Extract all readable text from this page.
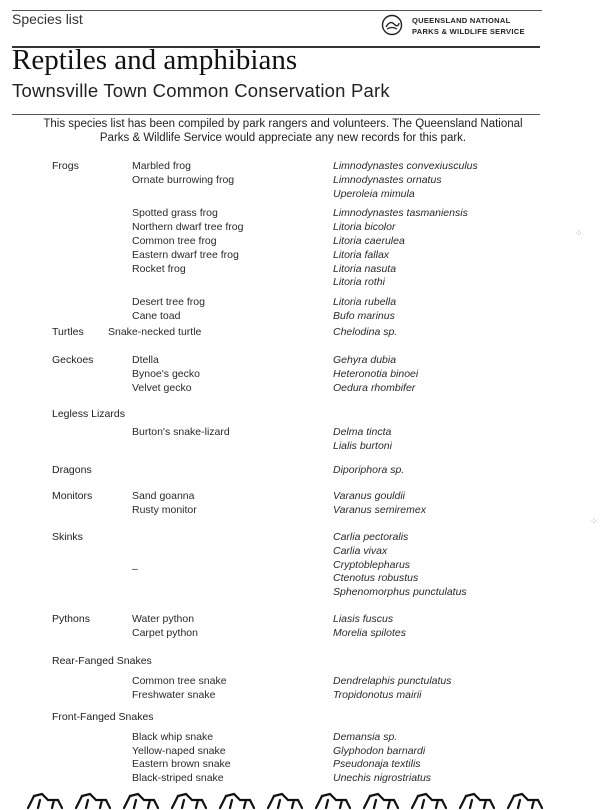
Species list	QUEENSLAND NATIONAL
PARKS & WILDLIFE SERVICE
Reptiles and amphibians
Townsville Town Common Conservation Park
This species list has been compiled by park rangers and volunteers. The Queensland National Parks & Wildlife Service would appreciate any new records for this park.
Frogs	Marbled frog	Limnodynastes convexiusculus
Ornate burrowing frog	Limnodynastes ornatus
Uperoleia mimula
Spotted grass frog	Limnodynastes tasmaniensis
Northern dwarf tree frog	Litoria bicolor
Common tree frog	Litoria caerulea
Eastern dwarf tree frog	Litoria fallax
Rocket frog	Litoria nasuta
Litoria rothi
Desert tree frog	Litoria rubella
Cane toad	Bufo marinus
Turtles Snake-necked turtle	Chelodina sp.
Geckoes	Dtella	Gehyra dubia
Bynoe's gecko	Heteronotia binoei
Velvet gecko	Oedura rhombifer
Legless Lizards
Burton's snake-lizard	Delma tincta
Lialis burtoni
Dragons	Diporiphora sp.
Monitors	Sand goanna	Varanus gouldii
Rusty monitor	Varanus semiremex
Skinks	Carlia pectoralis
Carlia vivax
–	Cryptoblepharus
Ctenotus robustus
Sphenomorphus punctulatus
Pythons	Water python	Liasis fuscus
Carpet python	Morelia spilotes
Rear-Fanged Snakes
Common tree snake	Dendrelaphis punctulatus
Freshwater snake	Tropidonotus mairii
Front-Fanged Snakes
Black whip snake	Demansia sp.
Yellow-naped snake	Glyphodon barnardi
Eastern brown snake	Pseudonaja textilis
Black-striped snake	Unechis nigrostriatus
⁘
⁘
